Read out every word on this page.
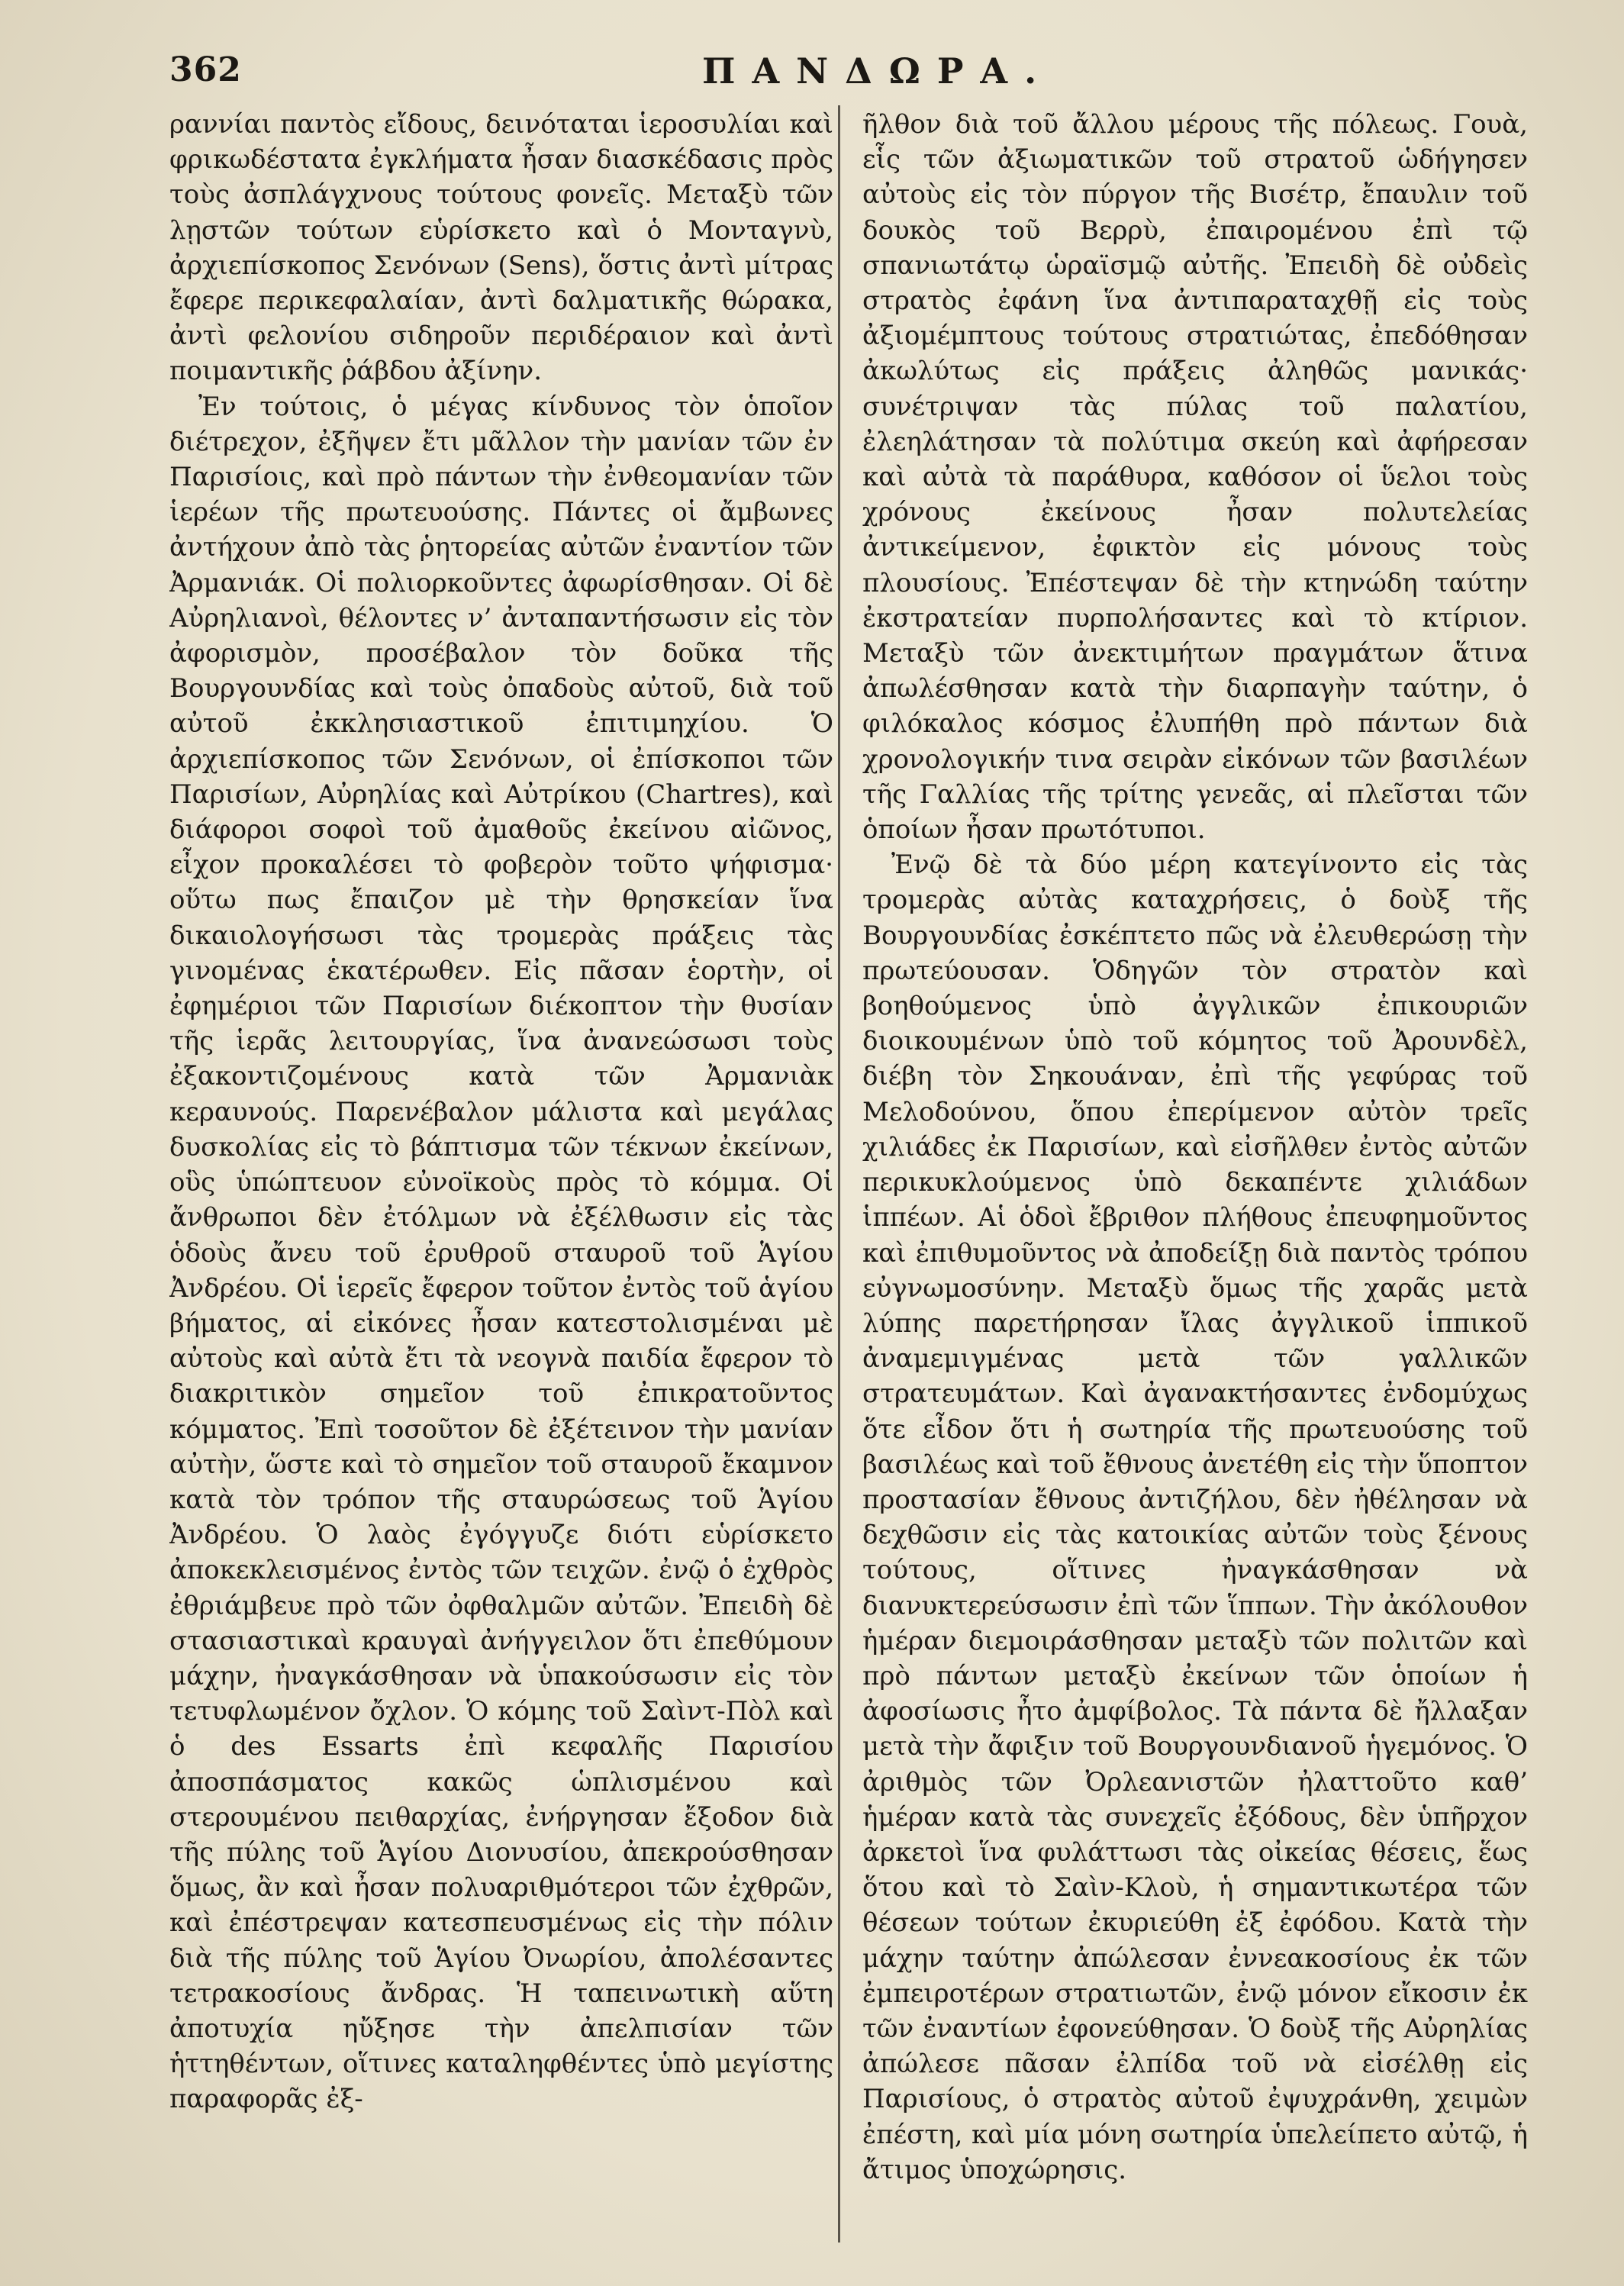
362	ΠΑΝΔΩΡΑ.

ραννίαι παντὸς εἴδους, δεινόταται ἱεροσυλίαι καὶ φρικωδέστατα ἐγκλήματα ἦσαν διασκέδασις πρὸς τοὺς ἀσπλάγχνους τούτους φονεῖς. Μεταξὺ τῶν λῃστῶν τούτων εὑρίσκετο καὶ ὁ Μονταγνὺ, ἀρχιεπίσκοπος Σενόνων (Sens), ὅστις ἀντὶ μίτρας ἔφερε περικεφαλαίαν, ἀντὶ δαλματικῆς θώρακα, ἀντὶ φελονίου σιδηροῦν περιδέραιον καὶ ἀντὶ ποιμαντικῆς ῥάβδου ἀξίνην.

Ἐν τούτοις, ὁ μέγας κίνδυνος τὸν ὁποῖον διέτρεχον, ἐξῆψεν ἔτι μᾶλλον τὴν μανίαν τῶν ἐν Παρισίοις, καὶ πρὸ πάντων τὴν ἐνθεομανίαν τῶν ἱερέων τῆς πρωτευούσης. Πάντες οἱ ἄμβωνες ἀντήχουν ἀπὸ τὰς ῥητορείας αὐτῶν ἐναντίον τῶν Ἀρμανιάκ. Οἱ πολιορκοῦντες ἀφωρίσθησαν. Οἱ δὲ Αὐρηλιανοὶ, θέλοντες ν’ ἀνταπαντήσωσιν εἰς τὸν ἀφορισμὸν, προσέβαλον τὸν δοῦκα τῆς Βουργουνδίας καὶ τοὺς ὀπαδοὺς αὐτοῦ, διὰ τοῦ αὐτοῦ ἐκκλησιαστικοῦ ἐπιτιμηχίου. Ὁ ἀρχιεπίσκοπος τῶν Σενόνων, οἱ ἐπίσκοποι τῶν Παρισίων, Αὐρηλίας καὶ Αὐτρίκου (Chartres), καὶ διάφοροι σοφοὶ τοῦ ἀμαθοῦς ἐκείνου αἰῶνος, εἶχον προκαλέσει τὸ φοβερὸν τοῦτο ψήφισμα· οὕτω πως ἔπαιζον μὲ τὴν θρησκείαν ἵνα δικαιολογήσωσι τὰς τρομερὰς πράξεις τὰς γινομένας ἑκατέρωθεν. Εἰς πᾶσαν ἑορτὴν, οἱ ἐφημέριοι τῶν Παρισίων διέκοπτον τὴν θυσίαν τῆς ἱερᾶς λειτουργίας, ἵνα ἀνανεώσωσι τοὺς ἐξακοντιζομένους κατὰ τῶν Ἀρμανιὰκ κεραυνούς. Παρενέβαλον μάλιστα καὶ μεγάλας δυσκολίας εἰς τὸ βάπτισμα τῶν τέκνων ἐκείνων, οὓς ὑπώπτευον εὐνοϊκοὺς πρὸς τὸ κόμμα. Οἱ ἄνθρωποι δὲν ἐτόλμων νὰ ἐξέλθωσιν εἰς τὰς ὁδοὺς ἄνευ τοῦ ἐρυθροῦ σταυροῦ τοῦ Ἁγίου Ἀνδρέου. Οἱ ἱερεῖς ἔφερον τοῦτον ἐντὸς τοῦ ἁγίου βήματος, αἱ εἰκόνες ἦσαν κατεστολισμέναι μὲ αὐτοὺς καὶ αὐτὰ ἔτι τὰ νεογνὰ παιδία ἔφερον τὸ διακριτικὸν σημεῖον τοῦ ἐπικρατοῦντος κόμματος. Ἐπὶ τοσοῦτον δὲ ἐξέτεινον τὴν μανίαν αὐτὴν, ὥστε καὶ τὸ σημεῖον τοῦ σταυροῦ ἔκαμνον κατὰ τὸν τρόπον τῆς σταυρώσεως τοῦ Ἁγίου Ἀνδρέου. Ὁ λαὸς ἐγόγγυζε διότι εὑρίσκετο ἀποκεκλεισμένος ἐντὸς τῶν τειχῶν. ἐνῷ ὁ ἐχθρὸς ἐθριάμβευε πρὸ τῶν ὀφθαλμῶν αὐτῶν. Ἐπειδὴ δὲ στασιαστικαὶ κραυγαὶ ἀνήγγειλον ὅτι ἐπεθύμουν μάχην, ἠναγκάσθησαν νὰ ὑπακούσωσιν εἰς τὸν τετυφλωμένον ὄχλον. Ὁ κόμης τοῦ Σαὶντ-Πὸλ καὶ ὁ des Essarts ἐπὶ κεφαλῆς Παρισίου ἀποσπάσματος κακῶς ὡπλισμένου καὶ στερουμένου πειθαρχίας, ἐνήργησαν ἔξοδον διὰ τῆς πύλης τοῦ Ἁγίου Διονυσίου, ἀπεκρούσθησαν ὅμως, ἂν καὶ ἦσαν πολυαριθμότεροι τῶν ἐχθρῶν, καὶ ἐπέστρεψαν κατεσπευσμένως εἰς τὴν πόλιν διὰ τῆς πύλης τοῦ Ἁγίου Ὀνωρίου, ἀπολέσαντες τετρακοσίους ἄνδρας. Ἡ ταπεινωτικὴ αὕτη ἀποτυχία ηὔξησε τὴν ἀπελπισίαν τῶν ἡττηθέντων, οἵτινες καταληφθέντες ὑπὸ μεγίστης παραφορᾶς ἐξ-

ῆλθον διὰ τοῦ ἄλλου μέρους τῆς πόλεως. Γουὰ, εἷς τῶν ἀξιωματικῶν τοῦ στρατοῦ ὡδήγησεν αὐτοὺς εἰς τὸν πύργον τῆς Βισέτρ, ἔπαυλιν τοῦ δουκὸς τοῦ Βερρὺ, ἐπαιρομένου ἐπὶ τῷ σπανιωτάτῳ ὡραϊσμῷ αὐτῆς. Ἐπειδὴ δὲ οὐδεὶς στρατὸς ἐφάνη ἵνα ἀντιπαραταχθῇ εἰς τοὺς ἀξιομέμπτους τούτους στρατιώτας, ἐπεδόθησαν ἀκωλύτως εἰς πράξεις ἀληθῶς μανικάς· συνέτριψαν τὰς πύλας τοῦ παλατίου, ἐλεηλάτησαν τὰ πολύτιμα σκεύη καὶ ἀφήρεσαν καὶ αὐτὰ τὰ παράθυρα, καθόσον οἱ ὕελοι τοὺς χρόνους ἐκείνους ἦσαν πολυτελείας ἀντικείμενον, ἐφικτὸν εἰς μόνους τοὺς πλουσίους. Ἐπέστεψαν δὲ τὴν κτηνώδη ταύτην ἐκστρατείαν πυρπολήσαντες καὶ τὸ κτίριον. Μεταξὺ τῶν ἀνεκτιμήτων πραγμάτων ἅτινα ἀπωλέσθησαν κατὰ τὴν διαρπαγὴν ταύτην, ὁ φιλόκαλος κόσμος ἐλυπήθη πρὸ πάντων διὰ χρονολογικήν τινα σειρὰν εἰκόνων τῶν βασιλέων τῆς Γαλλίας τῆς τρίτης γενεᾶς, αἱ πλεῖσται τῶν ὁποίων ἦσαν πρωτότυποι.

Ἐνῷ δὲ τὰ δύο μέρη κατεγίνοντο εἰς τὰς τρομερὰς αὐτὰς καταχρήσεις, ὁ δοὺξ τῆς Βουργουνδίας ἐσκέπτετο πῶς νὰ ἐλευθερώσῃ τὴν πρωτεύουσαν. Ὁδηγῶν τὸν στρατὸν καὶ βοηθούμενος ὑπὸ ἀγγλικῶν ἐπικουριῶν διοικουμένων ὑπὸ τοῦ κόμητος τοῦ Ἀρουνδὲλ, διέβη τὸν Σηκουάναν, ἐπὶ τῆς γεφύρας τοῦ Μελοδούνου, ὅπου ἐπερίμενον αὐτὸν τρεῖς χιλιάδες ἐκ Παρισίων, καὶ εἰσῆλθεν ἐντὸς αὐτῶν περικυκλούμενος ὑπὸ δεκαπέντε χιλιάδων ἱππέων. Αἱ ὁδοὶ ἔβριθον πλήθους ἐπευφημοῦντος καὶ ἐπιθυμοῦντος νὰ ἀποδείξῃ διὰ παντὸς τρόπου εὐγνωμοσύνην. Μεταξὺ ὅμως τῆς χαρᾶς μετὰ λύπης παρετήρησαν ἴλας ἀγγλικοῦ ἱππικοῦ ἀναμεμιγμένας μετὰ τῶν γαλλικῶν στρατευμάτων. Καὶ ἀγανακτήσαντες ἐνδομύχως ὅτε εἶδον ὅτι ἡ σωτηρία τῆς πρωτευούσης τοῦ βασιλέως καὶ τοῦ ἔθνους ἀνετέθη εἰς τὴν ὕποπτον προστασίαν ἔθνους ἀντιζήλου, δὲν ἠθέλησαν νὰ δεχθῶσιν εἰς τὰς κατοικίας αὐτῶν τοὺς ξένους τούτους, οἵτινες ἠναγκάσθησαν νὰ διανυκτερεύσωσιν ἐπὶ τῶν ἵππων. Τὴν ἀκόλουθον ἡμέραν διεμοιράσθησαν μεταξὺ τῶν πολιτῶν καὶ πρὸ πάντων μεταξὺ ἐκείνων τῶν ὁποίων ἡ ἀφοσίωσις ἦτο ἀμφίβολος. Τὰ πάντα δὲ ἤλλαξαν μετὰ τὴν ἄφιξιν τοῦ Βουργουνδιανοῦ ἡγεμόνος. Ὁ ἀριθμὸς τῶν Ὀρλεανιστῶν ἠλαττοῦτο καθ’ ἡμέραν κατὰ τὰς συνεχεῖς ἐξόδους, δὲν ὑπῆρχον ἀρκετοὶ ἵνα φυλάττωσι τὰς οἰκείας θέσεις, ἕως ὅτου καὶ τὸ Σαὶν-Κλοὺ, ἡ σημαντικωτέρα τῶν θέσεων τούτων ἐκυριεύθη ἐξ ἐφόδου. Κατὰ τὴν μάχην ταύτην ἀπώλεσαν ἐννεακοσίους ἐκ τῶν ἐμπειροτέρων στρατιωτῶν, ἐνῷ μόνον εἴκοσιν ἐκ τῶν ἐναντίων ἐφονεύθησαν. Ὁ δοὺξ τῆς Αὐρηλίας ἀπώλεσε πᾶσαν ἐλπίδα τοῦ νὰ εἰσέλθῃ εἰς Παρισίους, ὁ στρατὸς αὐτοῦ ἐψυχράνθη, χειμὼν ἐπέστη, καὶ μία μόνη σωτηρία ὑπελείπετο αὐτῷ, ἡ ἄτιμος ὑποχώρησις.
